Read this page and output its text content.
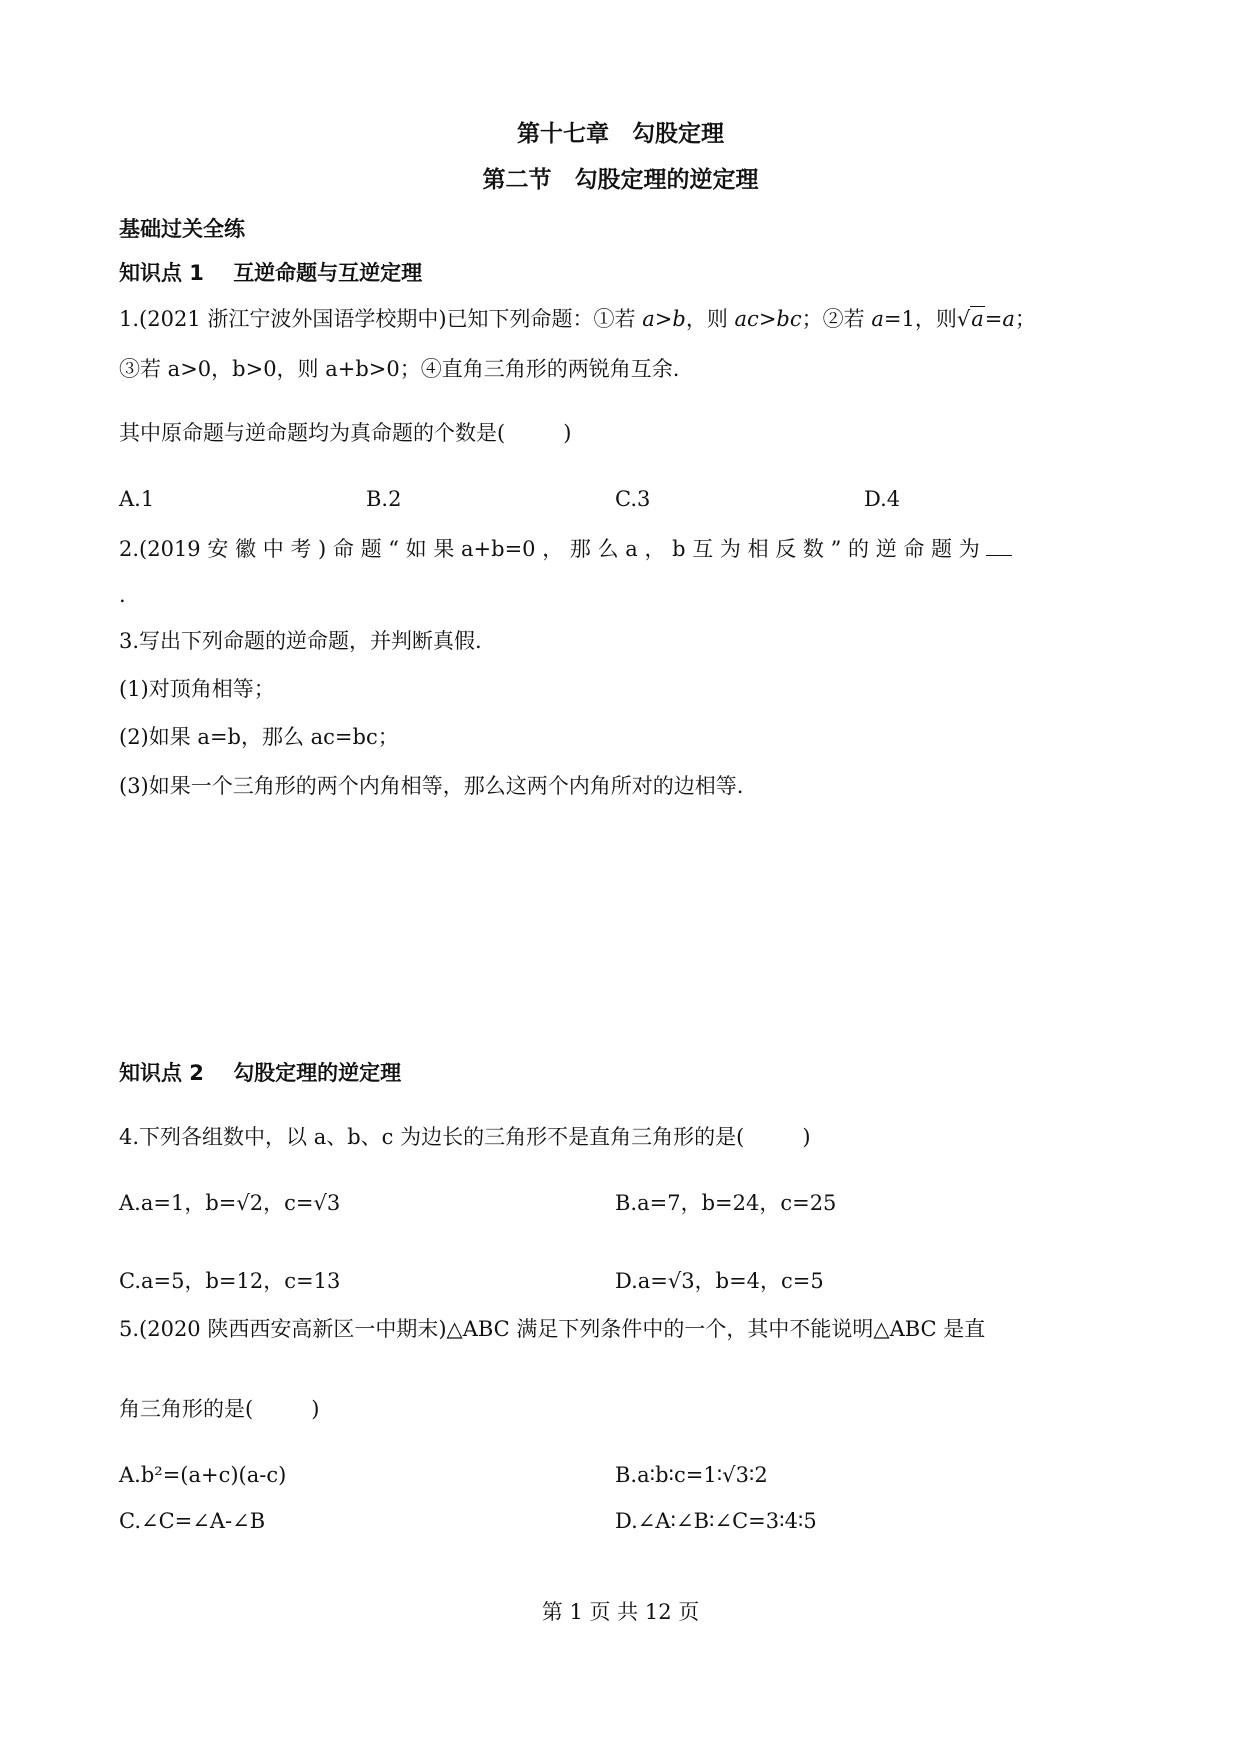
第十七章　勾股定理
第二节　勾股定理的逆定理
基础过关全练
知识点 1 互逆命题与互逆定理
1.(2021 浙江宁波外国语学校期中)已知下列命题：①若 a>b，则 ac>bc；②若 a=1，则√a=a；
③若 a>0，b>0，则 a+b>0；④直角三角形的两锐角互余.
其中原命题与逆命题均为真命题的个数是(	)
A.1	B.2	C.3	D.4
2.(2019 安 徽 中 考 ) 命 题 “ 如 果 a+b=0 ， 那 么 a ， b 互 为 相 反 数 ” 的 逆 命 题 为
.
3.写出下列命题的逆命题，并判断真假.
(1)对顶角相等；
(2)如果 a=b，那么 ac=bc；
(3)如果一个三角形的两个内角相等，那么这两个内角所对的边相等.
知识点 2 勾股定理的逆定理
4.下列各组数中，以 a、b、c 为边长的三角形不是直角三角形的是(	)
A.a=1，b=√2，c=√3	B.a=7，b=24，c=25
C.a=5，b=12，c=13	D.a=√3，b=4，c=5
5.(2020 陕西西安高新区一中期末)△ABC 满足下列条件中的一个，其中不能说明△ABC 是直
角三角形的是(	)
A.b²=(a+c)(a-c)	B.a∶b∶c=1∶√3∶2
C.∠C=∠A-∠B	D.∠A∶∠B∶∠C=3∶4∶5
第 1 页 共 12 页
